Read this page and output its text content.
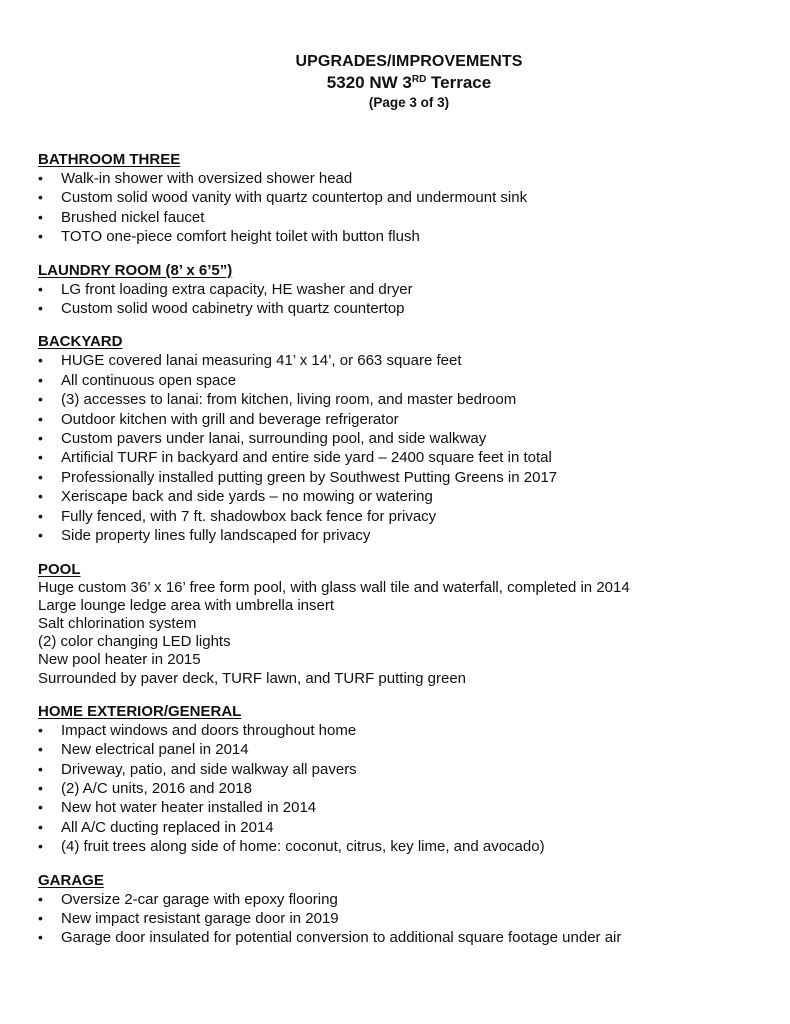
UPGRADES/IMPROVEMENTS
5320 NW 3RD Terrace
(Page 3 of 3)
BATHROOM THREE
• Walk-in shower with oversized shower head
• Custom solid wood vanity with quartz countertop and undermount sink
• Brushed nickel faucet
• TOTO one-piece comfort height toilet with button flush
LAUNDRY ROOM (8’ x 6’5”)
• LG front loading extra capacity, HE washer and dryer
• Custom solid wood cabinetry with quartz countertop
BACKYARD
• HUGE covered lanai measuring 41’ x 14’, or 663 square feet
• All continuous open space
• (3) accesses to lanai: from kitchen, living room, and master bedroom
• Outdoor kitchen with grill and beverage refrigerator
• Custom pavers under lanai, surrounding pool, and side walkway
• Artificial TURF in backyard and entire side yard – 2400 square feet in total
• Professionally installed putting green by Southwest Putting Greens in 2017
• Xeriscape back and side yards – no mowing or watering
• Fully fenced, with 7 ft. shadowbox back fence for privacy
• Side property lines fully landscaped for privacy
POOL

Huge custom 36’ x 16’ free form pool, with glass wall tile and waterfall, completed in 2014

Large lounge ledge area with umbrella insert

Salt chlorination system

(2) color changing LED lights

New pool heater in 2015

Surrounded by paver deck, TURF lawn, and TURF putting green

HOME EXTERIOR/GENERAL
• Impact windows and doors throughout home
• New electrical panel in 2014
• Driveway, patio, and side walkway all pavers
• (2) A/C units, 2016 and 2018
• New hot water heater installed in 2014
• All A/C ducting replaced in 2014
• (4) fruit trees along side of home: coconut, citrus, key lime, and avocado)
GARAGE
• Oversize 2-car garage with epoxy flooring
• New impact resistant garage door in 2019
• Garage door insulated for potential conversion to additional square footage under air
